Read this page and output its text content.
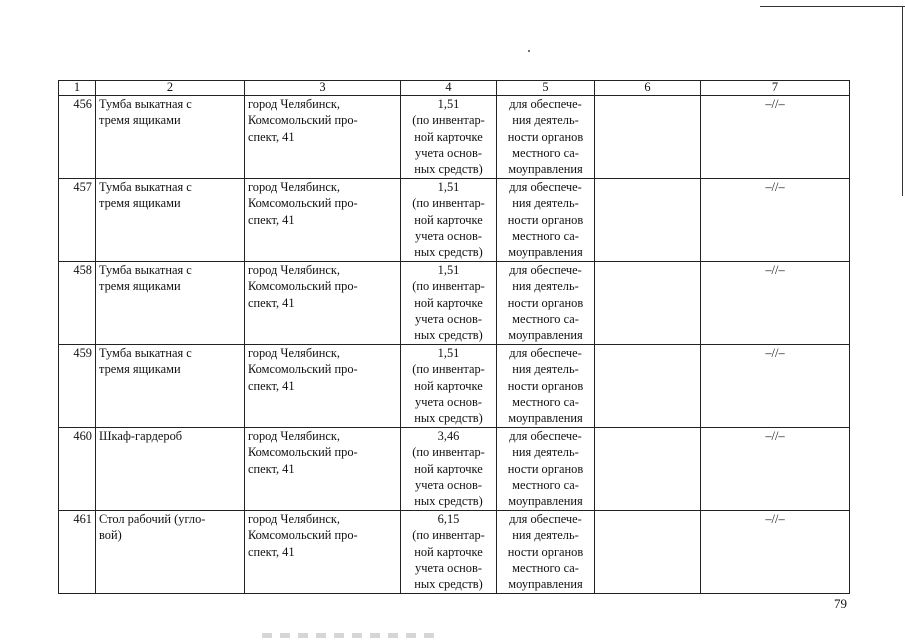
1	2	3	4	5	6	7
456	Тумба выкатная с
тремя ящиками	город Челябинск,
Комсомольский про-
спект, 41	1,51
(по инвентар-
ной карточке
учета основ-
ных средств)	для обеспече-
ния деятель-
ности органов
местного са-
моуправления		–//–
457	Тумба выкатная с
тремя ящиками	город Челябинск,
Комсомольский про-
спект, 41	1,51
(по инвентар-
ной карточке
учета основ-
ных средств)	для обеспече-
ния деятель-
ности органов
местного са-
моуправления		–//–
458	Тумба выкатная с
тремя ящиками	город Челябинск,
Комсомольский про-
спект, 41	1,51
(по инвентар-
ной карточке
учета основ-
ных средств)	для обеспече-
ния деятель-
ности органов
местного са-
моуправления		–//–
459	Тумба выкатная с
тремя ящиками	город Челябинск,
Комсомольский про-
спект, 41	1,51
(по инвентар-
ной карточке
учета основ-
ных средств)	для обеспече-
ния деятель-
ности органов
местного са-
моуправления		–//–
460	Шкаф-гардероб	город Челябинск,
Комсомольский про-
спект, 41	3,46
(по инвентар-
ной карточке
учета основ-
ных средств)	для обеспече-
ния деятель-
ности органов
местного са-
моуправления		–//–
461	Стол рабочий (угло-
вой)	город Челябинск,
Комсомольский про-
спект, 41	6,15
(по инвентар-
ной карточке
учета основ-
ных средств)	для обеспече-
ния деятель-
ности органов
местного са-
моуправления		–//–
79
